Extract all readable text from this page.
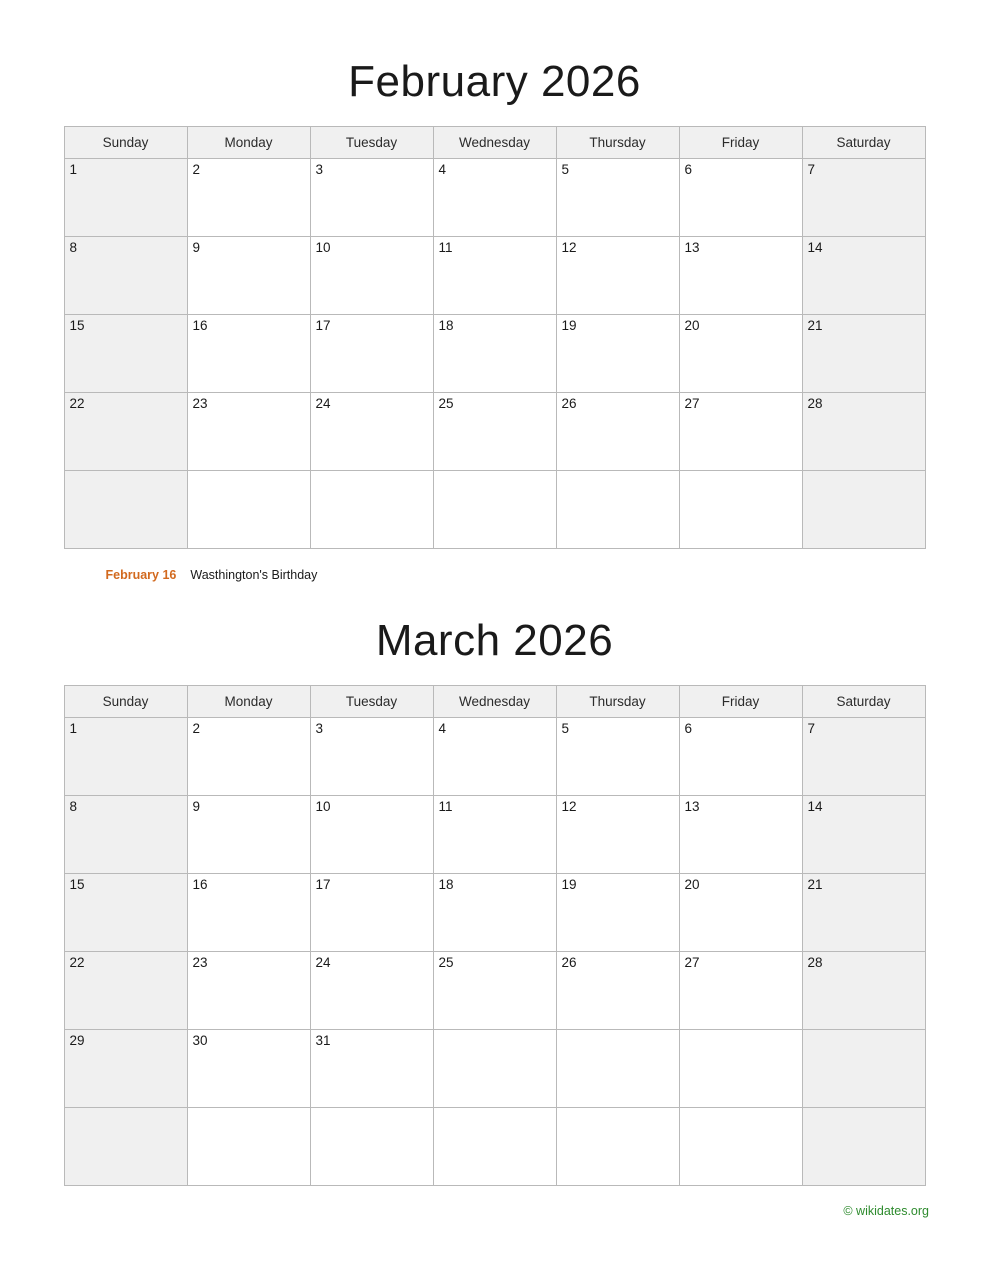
February 2026
Sunday	Monday	Tuesday	Wednesday	Thursday	Friday	Saturday

1	2	3	4	5	6	7

8	9	10	11	12	13	14

15	16	17	18	19	20	21

22	23	24	25	26	27	28

February 16 Wasthington's Birthday
March 2026
Sunday	Monday	Tuesday	Wednesday	Thursday	Friday	Saturday

1	2	3	4	5	6	7

8	9	10	11	12	13	14

15	16	17	18	19	20	21

22	23	24	25	26	27	28

29	30	31				

© wikidates.org
